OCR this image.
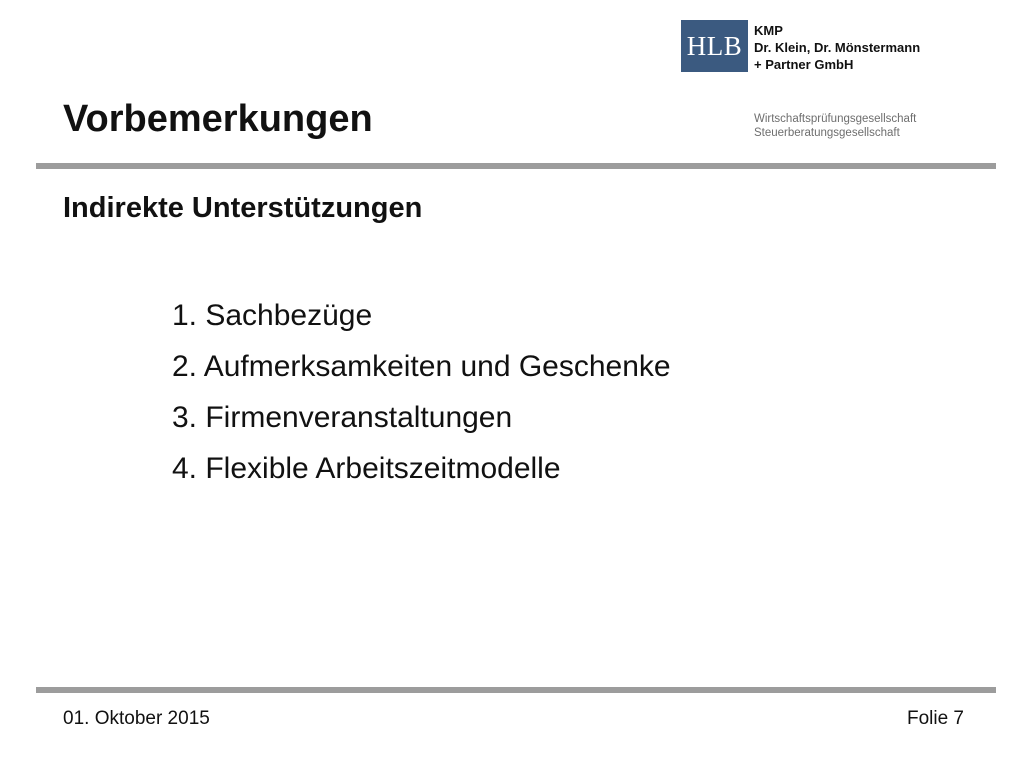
HLB KMP
Dr. Klein, Dr. Mönstermann
+ Partner GmbH
Vorbemerkungen	Wirtschaftsprüfungsgesellschaft
Steuerberatungsgesellschaft
Indirekte Unterstützungen
1. Sachbezüge
2. Aufmerksamkeiten und Geschenke
3. Firmenveranstaltungen
4. Flexible Arbeitszeitmodelle
01. Oktober 2015	Folie 7
